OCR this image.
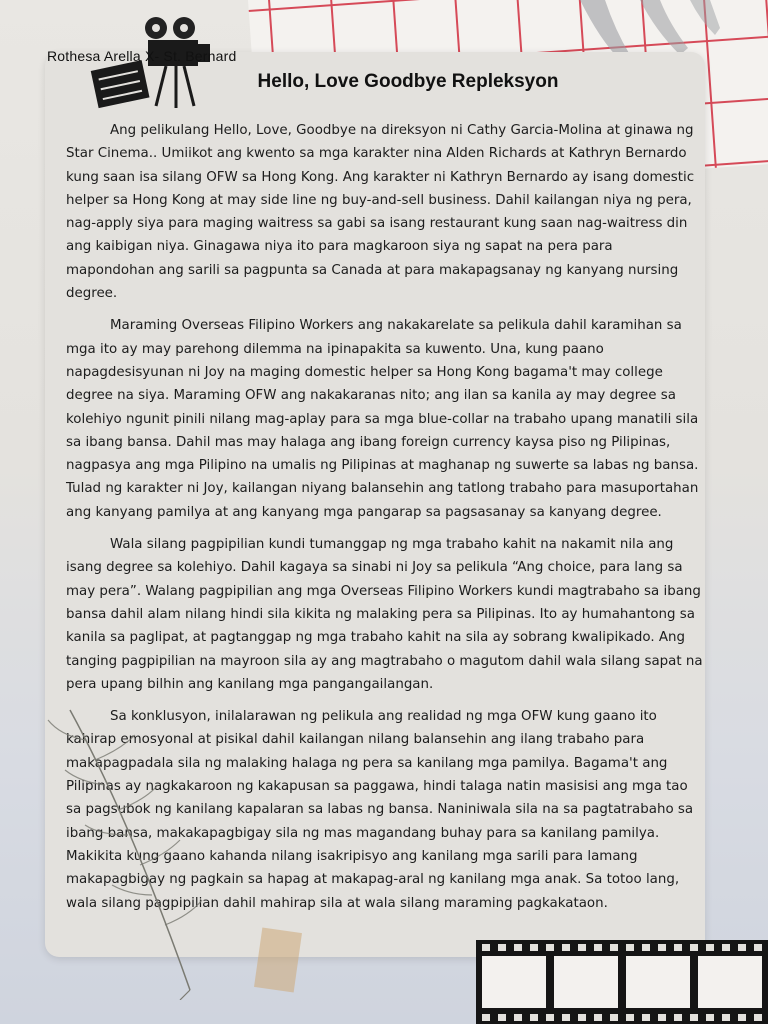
Rothesa Arella X- St. Bernard
Hello, Love Goodbye Repleksyon

Ang pelikulang Hello, Love, Goodbye na direksyon ni Cathy Garcia-Molina at ginawa ng Star Cinema.. Umiikot ang kwento sa mga karakter nina Alden Richards at Kathryn Bernardo kung saan isa silang OFW sa Hong Kong. Ang karakter ni Kathryn Bernardo ay isang domestic helper sa Hong Kong at may side line ng buy-and-sell business. Dahil kailangan niya ng pera, nag-apply siya para maging waitress sa gabi sa isang restaurant kung saan nag-waitress din ang kaibigan niya. Ginagawa niya ito para magkaroon siya ng sapat na pera para mapondohan ang sarili sa pagpunta sa Canada at para makapagsanay ng kanyang nursing degree.

Maraming Overseas Filipino Workers ang nakakarelate sa pelikula dahil karamihan sa mga ito ay may parehong dilemma na ipinapakita sa kuwento. Una, kung paano napagdesisyunan ni Joy na maging domestic helper sa Hong Kong bagama't may college degree na siya. Maraming OFW ang nakakaranas nito; ang ilan sa kanila ay may degree sa kolehiyo ngunit pinili nilang mag-aplay para sa mga blue-collar na trabaho upang manatili sila sa ibang bansa. Dahil mas may halaga ang ibang foreign currency kaysa piso ng Pilipinas, nagpasya ang mga Pilipino na umalis ng Pilipinas at maghanap ng suwerte sa labas ng bansa. Tulad ng karakter ni Joy, kailangan niyang balansehin ang tatlong trabaho para masuportahan ang kanyang pamilya at ang kanyang mga pangarap sa pagsasanay sa kanyang degree.

Wala silang pagpipilian kundi tumanggap ng mga trabaho kahit na nakamit nila ang isang degree sa kolehiyo. Dahil kagaya sa sinabi ni Joy sa pelikula “Ang choice, para lang sa may pera”. Walang pagpipilian ang mga Overseas Filipino Workers kundi magtrabaho sa ibang bansa dahil alam nilang hindi sila kikita ng malaking pera sa Pilipinas. Ito ay humahantong sa kanila sa paglipat, at pagtanggap ng mga trabaho kahit na sila ay sobrang kwalipikado. Ang tanging pagpipilian na mayroon sila ay ang magtrabaho o magutom dahil wala silang sapat na pera upang bilhin ang kanilang mga pangangailangan.

Sa konklusyon, inilalarawan ng pelikula ang realidad ng mga OFW kung gaano ito kahirap emosyonal at pisikal dahil kailangan nilang balansehin ang ilang trabaho para makapagpadala sila ng malaking halaga ng pera sa kanilang mga pamilya. Bagama't ang Pilipinas ay nagkakaroon ng kakapusan sa paggawa, hindi talaga natin masisisi ang mga tao sa pagsubok ng kanilang kapalaran sa labas ng bansa. Naniniwala sila na sa pagtatrabaho sa ibang bansa, makakapagbigay sila ng mas magandang buhay para sa kanilang pamilya. Makikita kung gaano kahanda nilang isakripisyo ang kanilang mga sarili para lamang makapagbigay ng pagkain sa hapag at makapag-aral ng kanilang mga anak. Sa totoo lang, wala silang pagpipilian dahil mahirap sila at wala silang maraming pagkakataon.
